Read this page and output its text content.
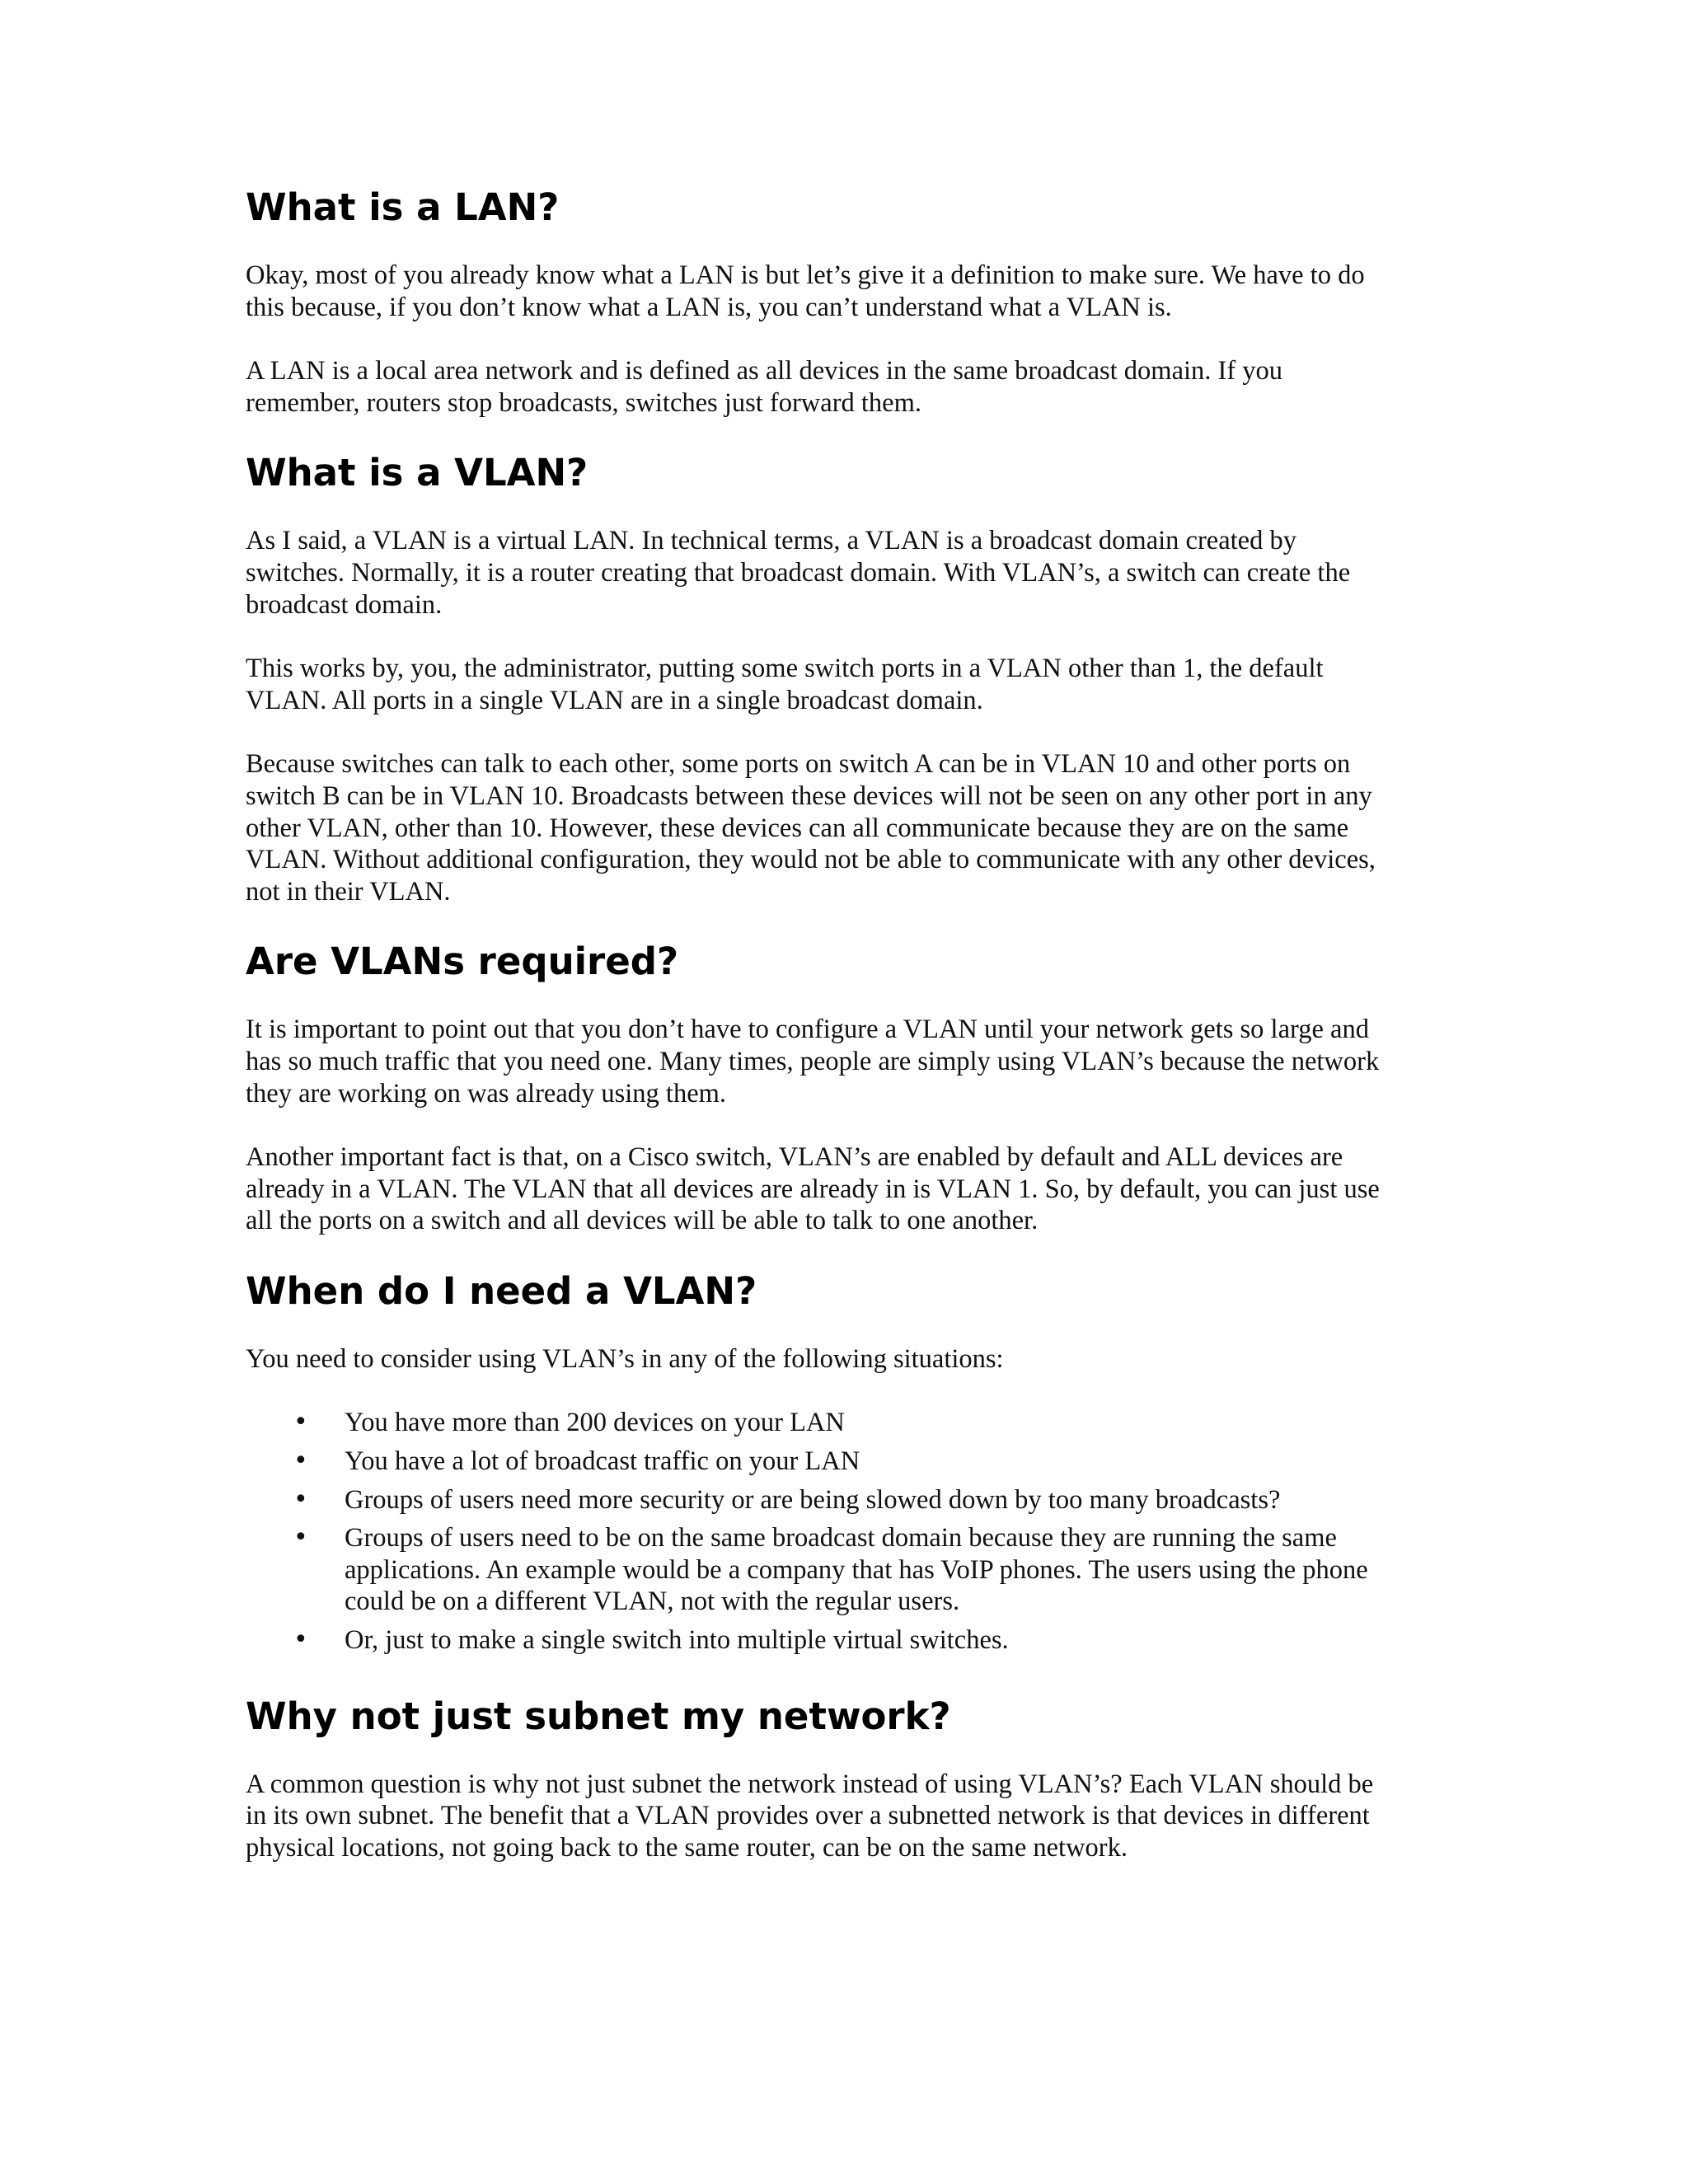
What is a LAN?

Okay, most of you already know what a LAN is but let’s give it a definition to make sure. We have to do this because, if you don’t know what a LAN is, you can’t understand what a VLAN is.

A LAN is a local area network and is defined as all devices in the same broadcast domain. If you remember, routers stop broadcasts, switches just forward them.

What is a VLAN?

As I said, a VLAN is a virtual LAN. In technical terms, a VLAN is a broadcast domain created by switches. Normally, it is a router creating that broadcast domain. With VLAN’s, a switch can create the broadcast domain.

This works by, you, the administrator, putting some switch ports in a VLAN other than 1, the default VLAN. All ports in a single VLAN are in a single broadcast domain.

Because switches can talk to each other, some ports on switch A can be in VLAN 10 and other ports on switch B can be in VLAN 10. Broadcasts between these devices will not be seen on any other port in any other VLAN, other than 10. However, these devices can all communicate because they are on the same VLAN. Without additional configuration, they would not be able to communicate with any other devices, not in their VLAN.

Are VLANs required?

It is important to point out that you don’t have to configure a VLAN until your network gets so large and has so much traffic that you need one. Many times, people are simply using VLAN’s because the network they are working on was already using them.

Another important fact is that, on a Cisco switch, VLAN’s are enabled by default and ALL devices are already in a VLAN. The VLAN that all devices are already in is VLAN 1. So, by default, you can just use all the ports on a switch and all devices will be able to talk to one another.

When do I need a VLAN?

You need to consider using VLAN’s in any of the following situations:

• You have more than 200 devices on your LAN
• You have a lot of broadcast traffic on your LAN
• Groups of users need more security or are being slowed down by too many broadcasts?
• Groups of users need to be on the same broadcast domain because they are running the same applications. An example would be a company that has VoIP phones. The users using the phone could be on a different VLAN, not with the regular users.
• Or, just to make a single switch into multiple virtual switches.
Why not just subnet my network?

A common question is why not just subnet the network instead of using VLAN’s? Each VLAN should be in its own subnet. The benefit that a VLAN provides over a subnetted network is that devices in different physical locations, not going back to the same router, can be on the same network.
